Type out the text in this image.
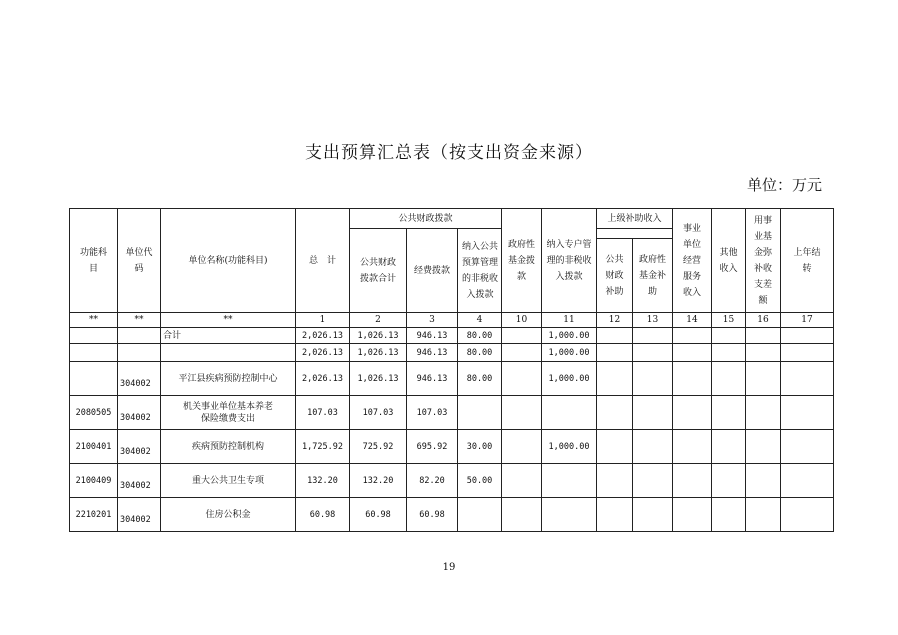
支出预算汇总表（按支出资金来源）
单位：万元
功能科目	单位代码	单位名称(功能科目)	总　计	公共财政拨款			政府性基金拨款	纳入专户管理的非税收入拨款	上级补助收入		事业单位经营服务收入	其他收入	用事业基金弥补收支差额	上年结转
				公共财政拨款合计	经费拨款	纳入公共预算管理的非税收入拨款								
									公共财政补助	政府性基金补助				
**	**	**	1	2	3	4	10	11	12	13	14	15	16	17
		合计	2,026.13	1,026.13	946.13	80.00		1,000.00						
			2,026.13	1,026.13	946.13	80.00		1,000.00						

	304002	平江县疾病预防控制中心	2,026.13	1,026.13	946.13	80.00		1,000.00						
2080505	304002	机关事业单位基本养老
保险缴费支出	107.03	107.03	107.03									
2100401	304002	疾病预防控制机构	1,725.92	725.92	695.92	30.00		1,000.00						
2100409	304002	重大公共卫生专项	132.20	132.20	82.20	50.00								
2210201	304002	住房公积金	60.98	60.98	60.98									
19
